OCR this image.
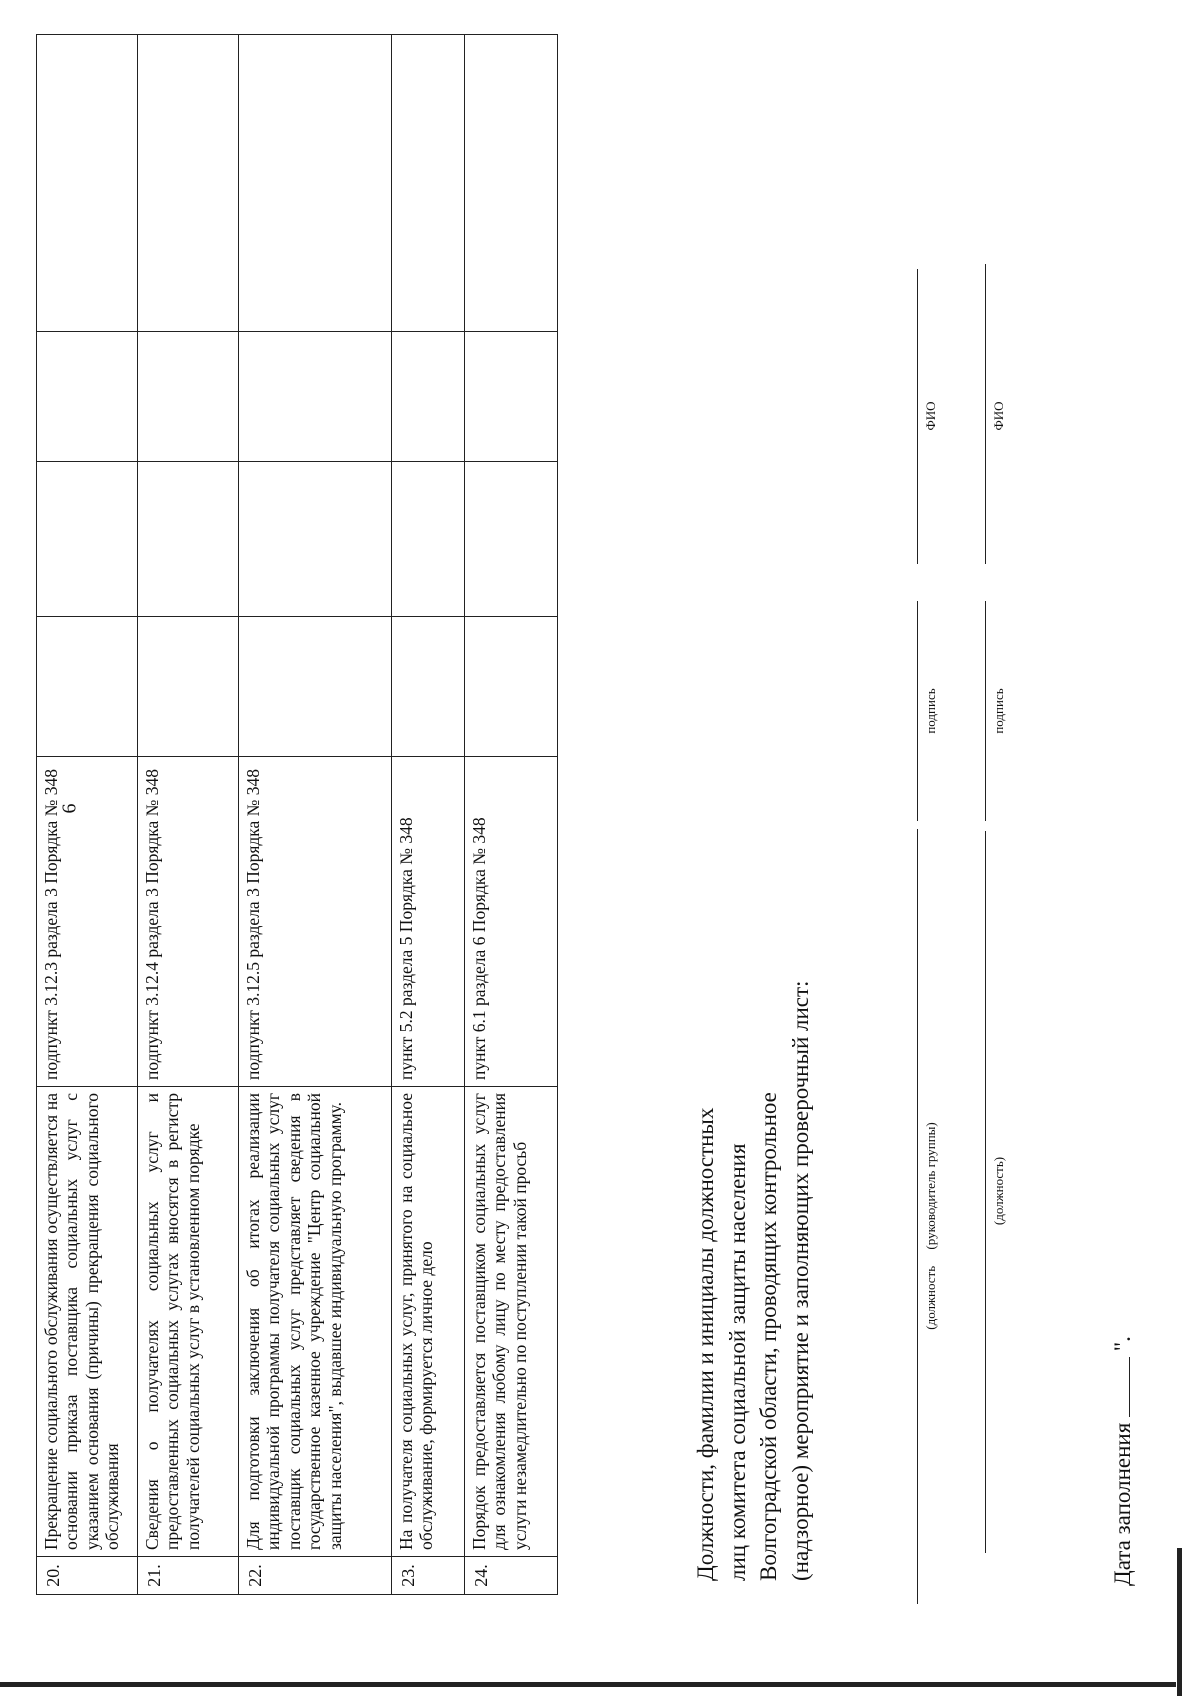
6
20.	Прекращение социального обслуживания осуществляется на основании приказа поставщика социальных услуг с указанием основания (причины) прекращения социального обслуживания	подпункт 3.12.3 раздела 3 Порядка № 348				
21.	Сведения о получателях социальных услуг и предоставленных социальных услугах вносятся в регистр получателей социальных услуг в установленном порядке	подпункт 3.12.4 раздела 3 Порядка № 348				
22.	Для подготовки заключения об итогах реализации индивидуальной программы получателя социальных услуг поставщик социальных услуг представляет сведения в государственное казенное учреждение "Центр социальной защиты населения", выдавшее индивидуальную программу.	подпункт 3.12.5 раздела 3 Порядка № 348				
23.	На получателя социальных услуг, принятого на социальное обслуживание, формируется личное дело	пункт 5.2 раздела 5 Порядка № 348				
24.	Порядок предоставляется поставщиком социальных услуг для ознакомления любому лицу по месту предоставления услуги незамедлительно по поступлении такой просьб	пункт 6.1 раздела 6 Порядка № 348				
Должности, фамилии и инициалы должностных лиц комитета социальной защиты населения Волгоградской области, проводящих контрольное (надзорное) мероприятие и заполняющих проверочный лист:	(должность     (руководитель группы)
подпись
ФИО
(должность)
подпись
ФИО
Дата заполнения  ".
